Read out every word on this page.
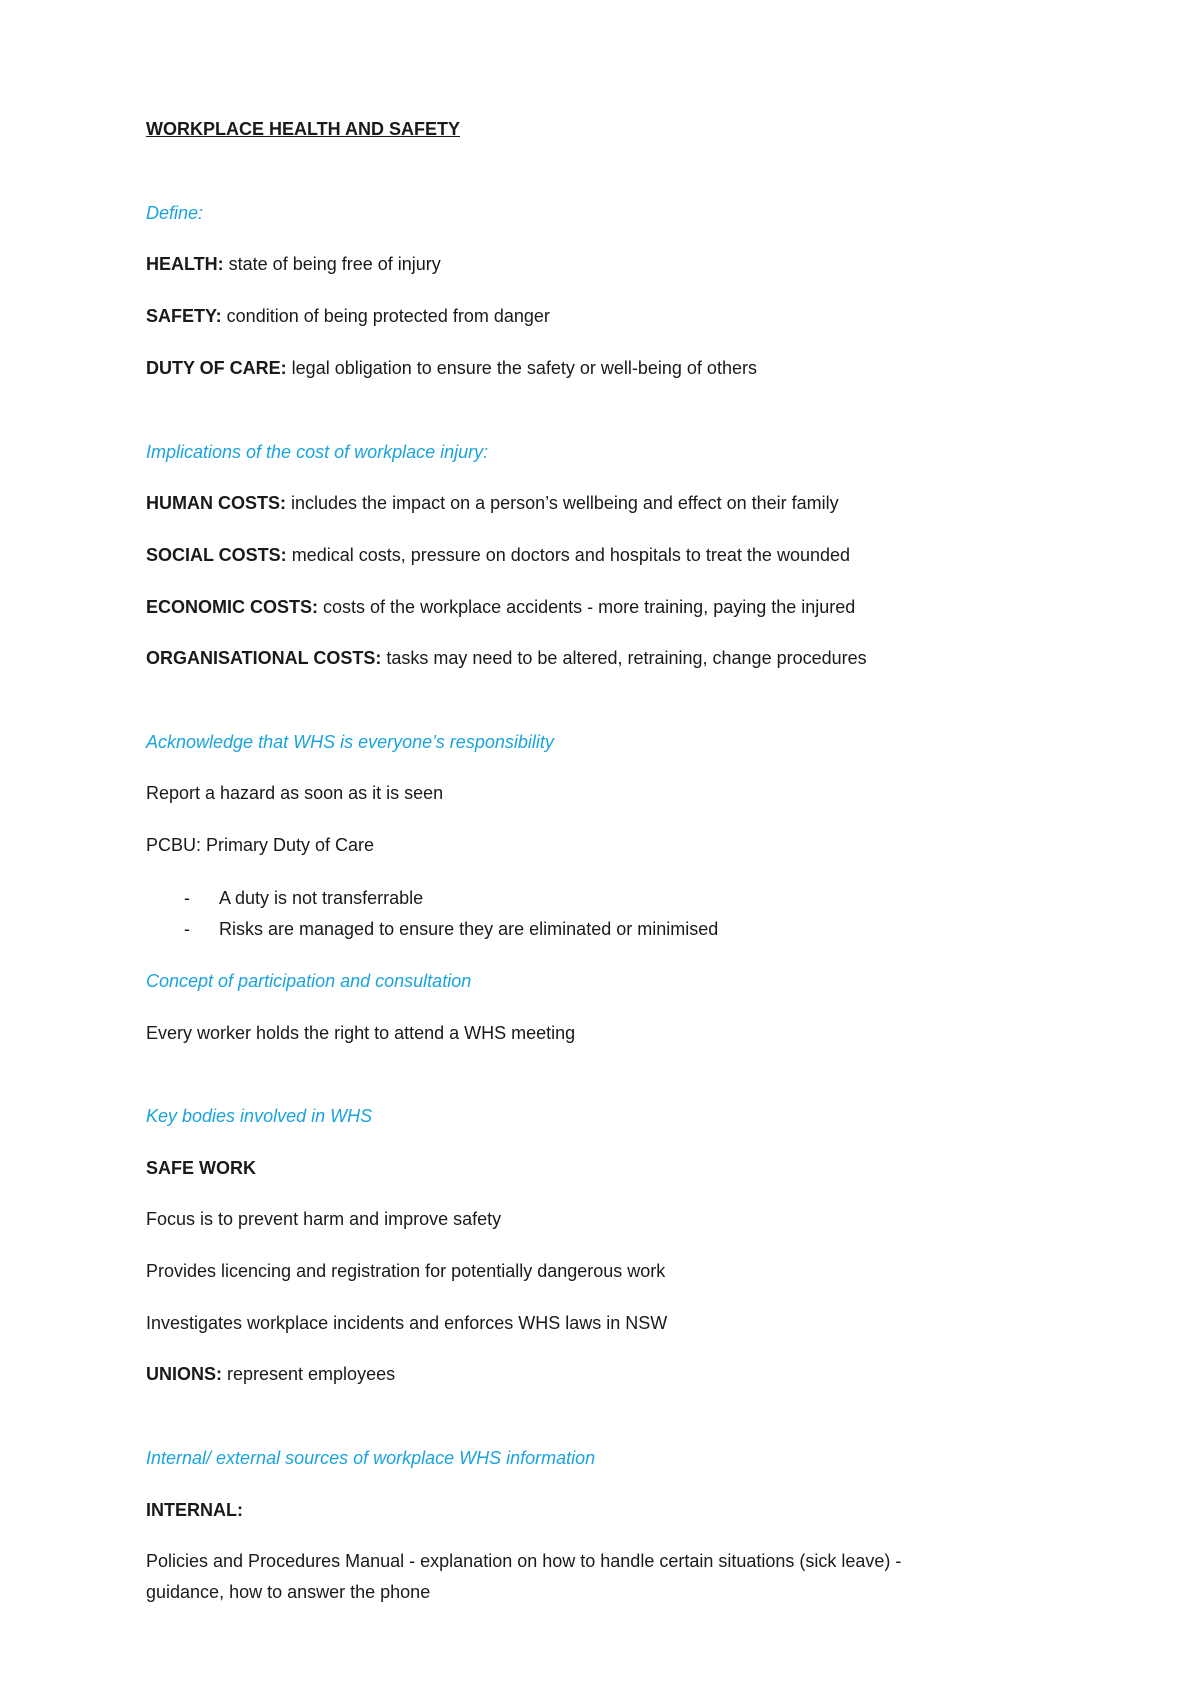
WORKPLACE HEALTH AND SAFETY
Define:
HEALTH: state of being free of injury
SAFETY: condition of being protected from danger
DUTY OF CARE: legal obligation to ensure the safety or well-being of others
Implications of the cost of workplace injury:
HUMAN COSTS: includes the impact on a person’s wellbeing and effect on their family
SOCIAL COSTS: medical costs, pressure on doctors and hospitals to treat the wounded
ECONOMIC COSTS: costs of the workplace accidents - more training, paying the injured
ORGANISATIONAL COSTS: tasks may need to be altered, retraining, change procedures
Acknowledge that WHS is everyone’s responsibility
Report a hazard as soon as it is seen
PCBU: Primary Duty of Care
- A duty is not transferrable
- Risks are managed to ensure they are eliminated or minimised
Concept of participation and consultation
Every worker holds the right to attend a WHS meeting
Key bodies involved in WHS
SAFE WORK
Focus is to prevent harm and improve safety
Provides licencing and registration for potentially dangerous work
Investigates workplace incidents and enforces WHS laws in NSW
UNIONS: represent employees
Internal/ external sources of workplace WHS information
INTERNAL:
Policies and Procedures Manual - explanation on how to handle certain situations (sick leave) -
guidance, how to answer the phone
